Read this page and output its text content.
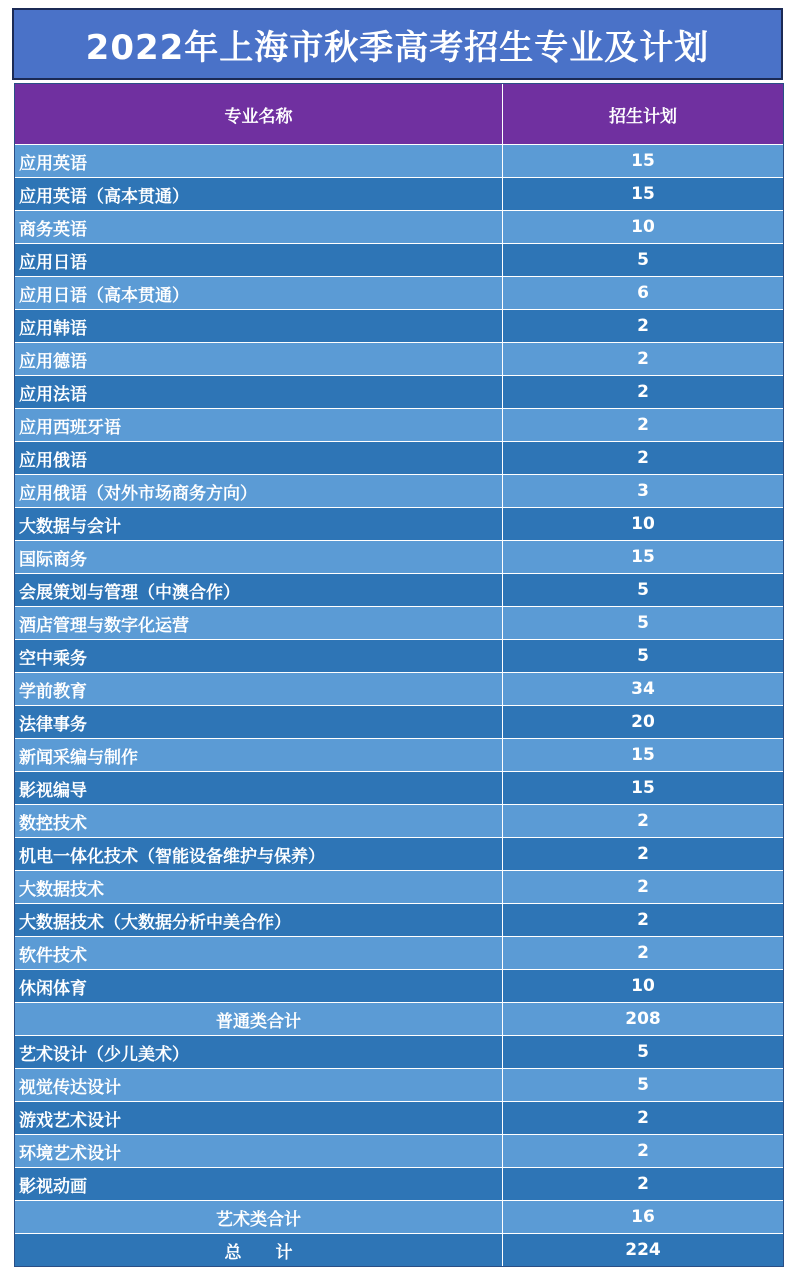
2022年上海市秋季高考招生专业及计划
专业名称	招生计划
应用英语	15
应用英语（高本贯通）	15
商务英语	10
应用日语	5
应用日语（高本贯通）	6
应用韩语	2
应用德语	2
应用法语	2
应用西班牙语	2
应用俄语	2
应用俄语（对外市场商务方向）	3
大数据与会计	10
国际商务	15
会展策划与管理（中澳合作）	5
酒店管理与数字化运营	5
空中乘务	5
学前教育	34
法律事务	20
新闻采编与制作	15
影视编导	15
数控技术	2
机电一体化技术（智能设备维护与保养）	2
大数据技术	2
大数据技术（大数据分析中美合作）	2
软件技术	2
休闲体育	10
普通类合计	208
艺术设计（少儿美术）	5
视觉传达设计	5
游戏艺术设计	2
环境艺术设计	2
影视动画	2
艺术类合计	16
总　　计	224
